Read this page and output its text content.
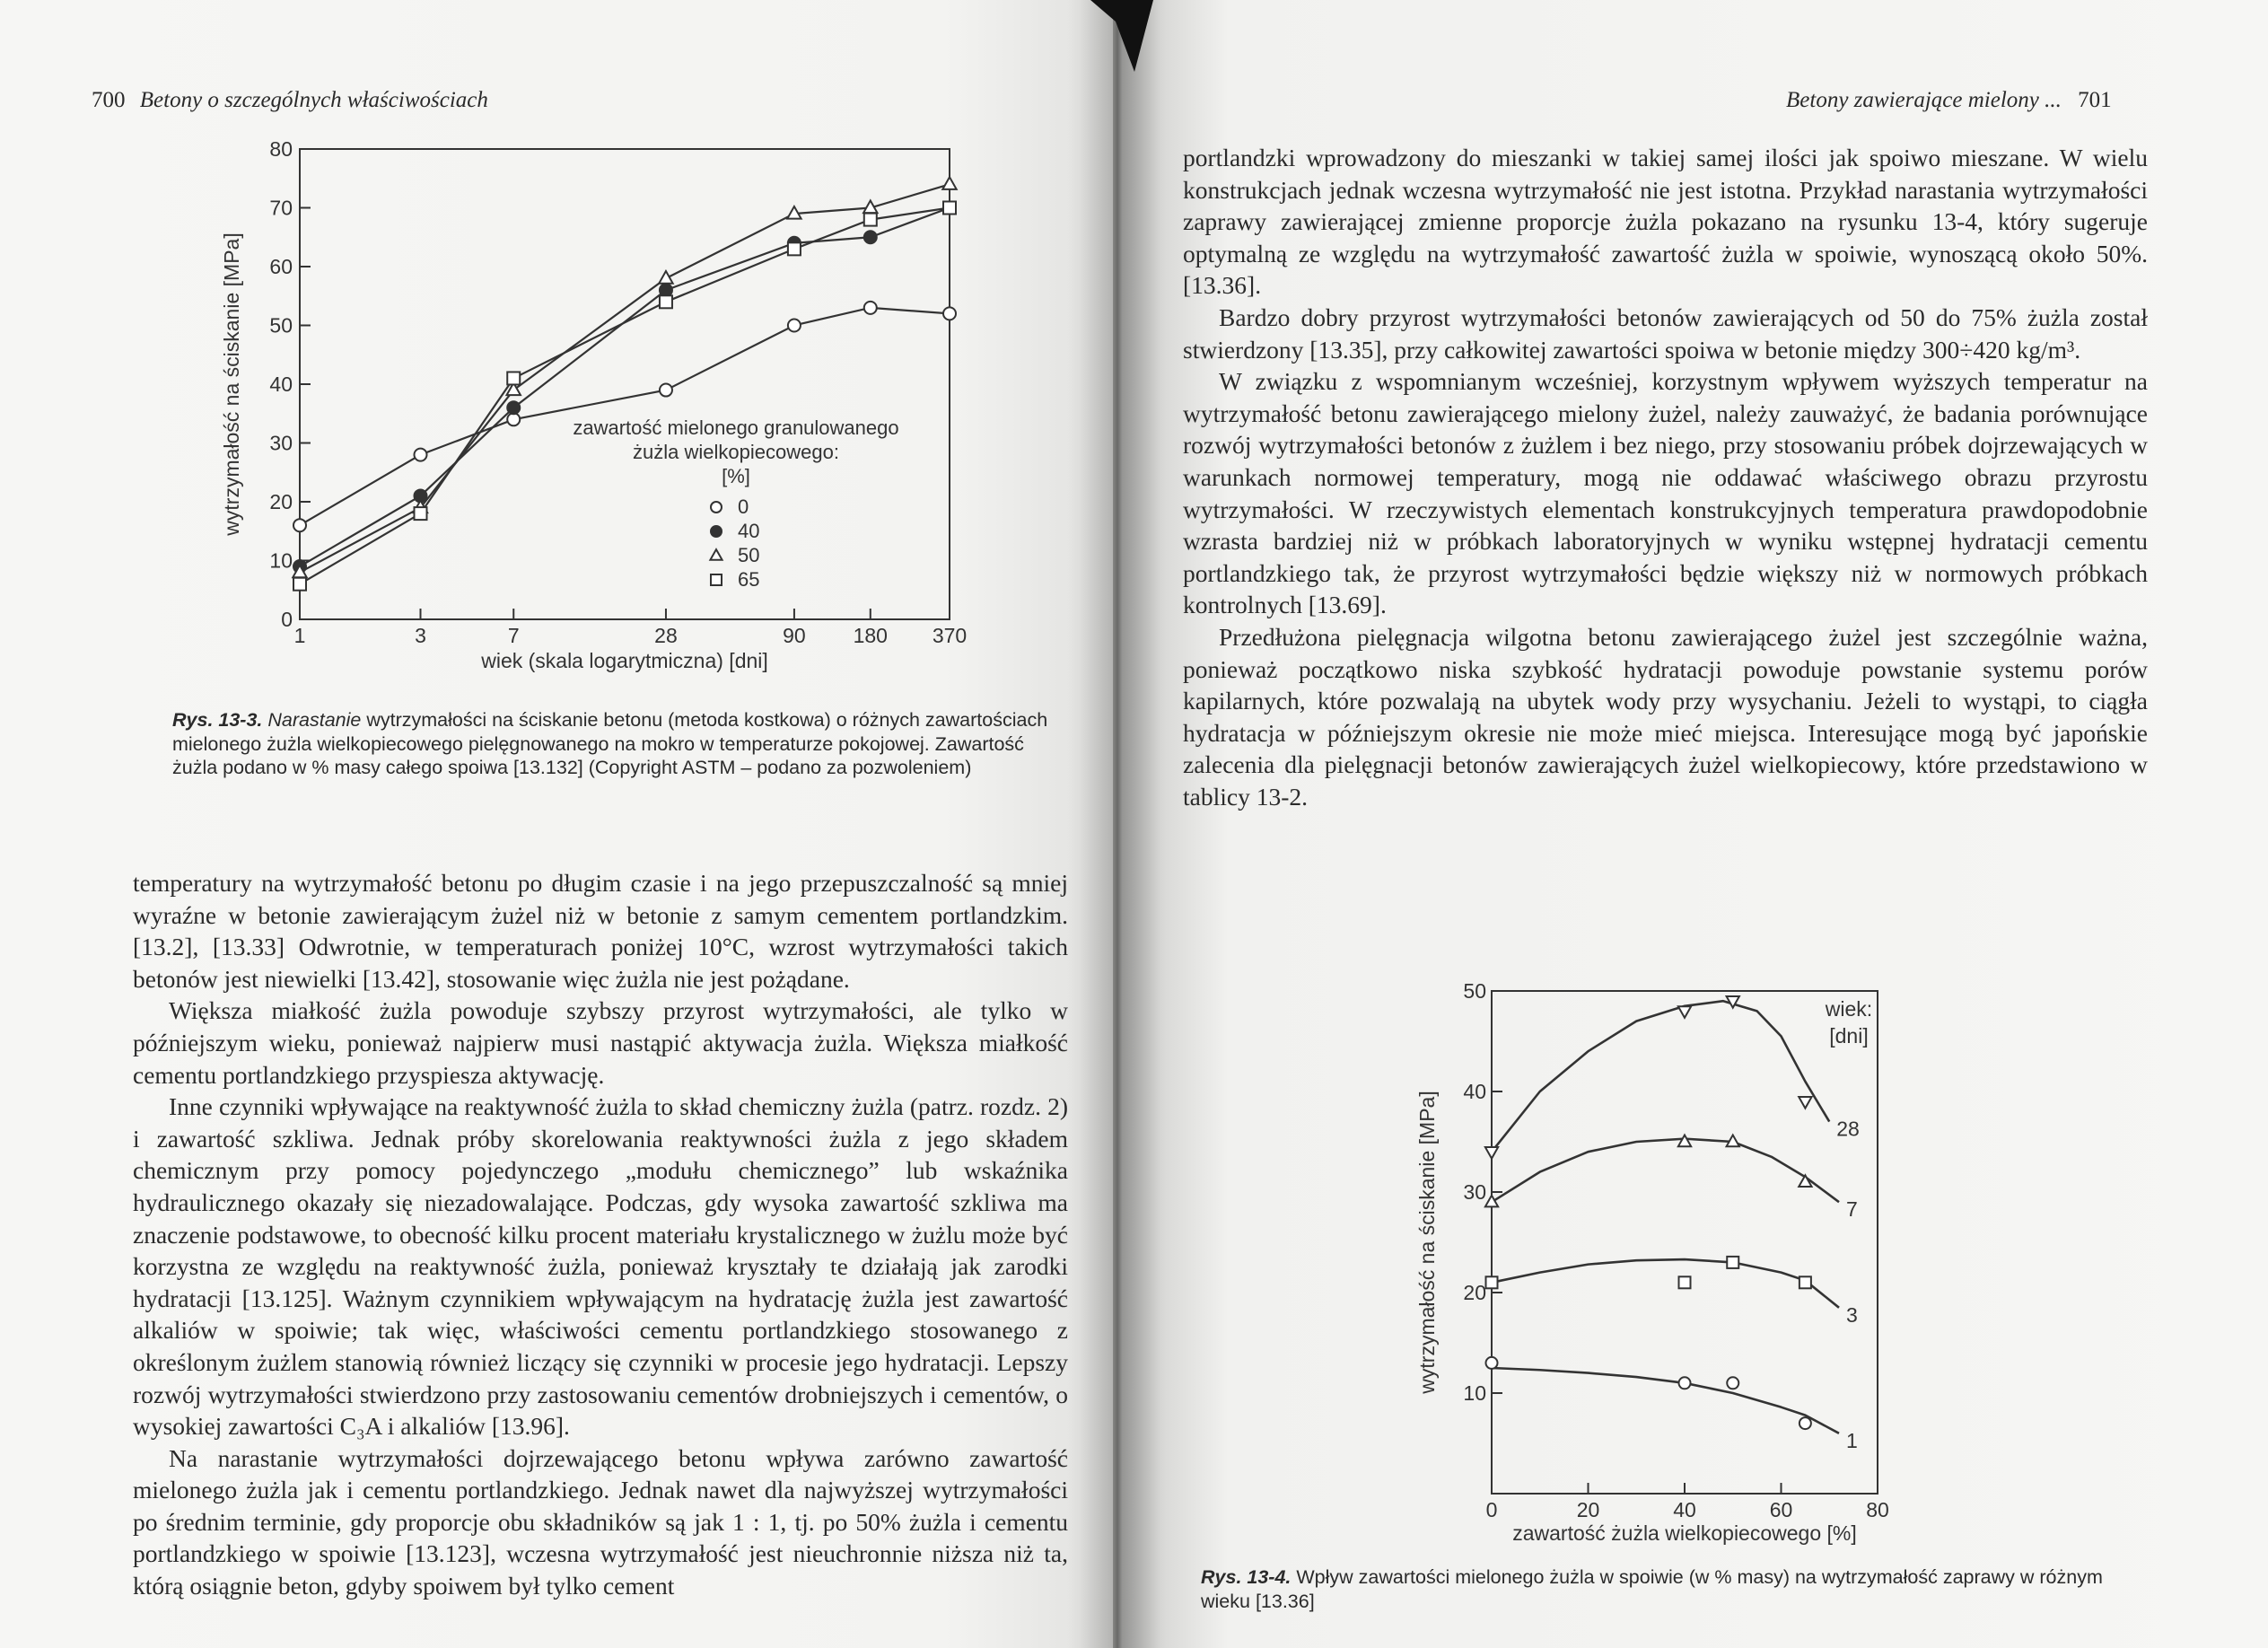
700 Betony o szczególnych właściwościach
0
10
20
30
40
50
60
70
80
1	3	7	28	90 180 370
wiek (skala logarytmiczna) [dni]
wytrzymałość na ściskanie [MPa]	zawartość mielonego granulowanego
żużla wielkopiecowego:
[%]
0
40
50
65
Rys. 13-3. Narastanie wytrzymałości na ściskanie betonu (metoda kostkowa) o różnych zawartościach mielonego żużla wielkopiecowego pielęgnowanego na mokro w temperaturze pokojowej. Zawartość żużla podano w % masy całego spoiwa [13.132] (Copyright ASTM – podano za pozwoleniem)

temperatury na wytrzymałość betonu po długim czasie i na jego przepuszczalność są mniej wyraźne w betonie zawierającym żużel niż w betonie z samym cementem portlandzkim. [13.2], [13.33] Odwrotnie, w temperaturach poniżej 10°C, wzrost wytrzymałości takich betonów jest niewielki [13.42], stosowanie więc żużla nie jest pożądane.

Większa miałkość żużla powoduje szybszy przyrost wytrzymałości, ale tylko w późniejszym wieku, ponieważ najpierw musi nastąpić aktywacja żużla. Większa miałkość cementu portlandzkiego przyspiesza aktywację.

Inne czynniki wpływające na reaktywność żużla to skład chemiczny żużla (patrz. rozdz. 2) i zawartość szkliwa. Jednak próby skorelowania reaktywności żużla z jego składem chemicznym przy pomocy pojedynczego „modułu chemicznego” lub wskaźnika hydraulicznego okazały się niezadowalające. Podczas, gdy wysoka zawartość szkliwa ma znaczenie podstawowe, to obecność kilku procent materiału krystalicznego w żużlu może być korzystna ze względu na reaktywność żużla, ponieważ kryształy te działają jak zarodki hydratacji [13.125]. Ważnym czynnikiem wpływającym na hydratację żużla jest zawartość alkaliów w spoiwie; tak więc, właściwości cementu portlandzkiego stosowanego z określonym żużlem stanowią również liczący się czynniki w procesie jego hydratacji. Lepszy rozwój wytrzymałości stwierdzono przy zastosowaniu cementów drobniejszych i cementów, o wysokiej zawartości C₃A i alkaliów [13.96].

Na narastanie wytrzymałości dojrzewającego betonu wpływa zarówno zawartość mielonego żużla jak i cementu portlandzkiego. Jednak nawet dla najwyższej wytrzymałości po średnim terminie, gdy proporcje obu składników są jak 1 : 1, tj. po 50% żużla i cementu portlandzkiego w spoiwie [13.123], wczesna wytrzymałość jest nieuchronnie niższa niż ta, którą osiągnie beton, gdyby spoiwem był tylko cement

Betony zawierające mielony ... 701

portlandzki wprowadzony do mieszanki w takiej samej ilości jak spoiwo mieszane. W wielu konstrukcjach jednak wczesna wytrzymałość nie jest istotna. Przykład narastania wytrzymałości zaprawy zawierającej zmienne proporcje żużla pokazano na rysunku 13-4, który sugeruje optymalną ze względu na wytrzymałość zawartość żużla w spoiwie, wynoszącą około 50%. [13.36].

Bardzo dobry przyrost wytrzymałości betonów zawierających od 50 do 75% żużla został stwierdzony [13.35], przy całkowitej zawartości spoiwa w betonie między 300÷420 kg/m³.

W związku z wspomnianym wcześniej, korzystnym wpływem wyższych temperatur na wytrzymałość betonu zawierającego mielony żużel, należy zauważyć, że badania porównujące rozwój wytrzymałości betonów z żużlem i bez niego, przy stosowaniu próbek dojrzewających w warunkach normowej temperatury, mogą nie oddawać właściwego obrazu przyrostu wytrzymałości. W rzeczywistych elementach konstrukcyjnych temperatura prawdopodobnie wzrasta bardziej niż w próbkach laboratoryjnych w wyniku wstępnej hydratacji cementu portlandzkiego tak, że przyrost wytrzymałości będzie większy niż w normowych próbkach kontrolnych [13.69].

Przedłużona pielęgnacja wilgotna betonu zawierającego żużel jest szczególnie ważna, ponieważ początkowo niska szybkość hydratacji powoduje powstanie systemu porów kapilarnych, które pozwalają na ubytek wody przy wysychaniu. Jeżeli to wystąpi, to ciągła hydratacja w późniejszym okresie nie może mieć miejsca. Interesujące mogą być japońskie zalecenia dla pielęgnacji betonów zawierających żużel wielkopiecowy, które przedstawiono w tablicy 13-2.

10
20
30
40
50
0	20	40	60	80
zawartość żużla wielkopiecowego [%]
wytrzymałość na ściskanie [MPa]
wiek:
[dni]
28
7
3
1
Rys. 13-4. Wpływ zawartości mielonego żużla w spoiwie (w % masy) na wytrzymałość zaprawy w różnym wieku [13.36]
